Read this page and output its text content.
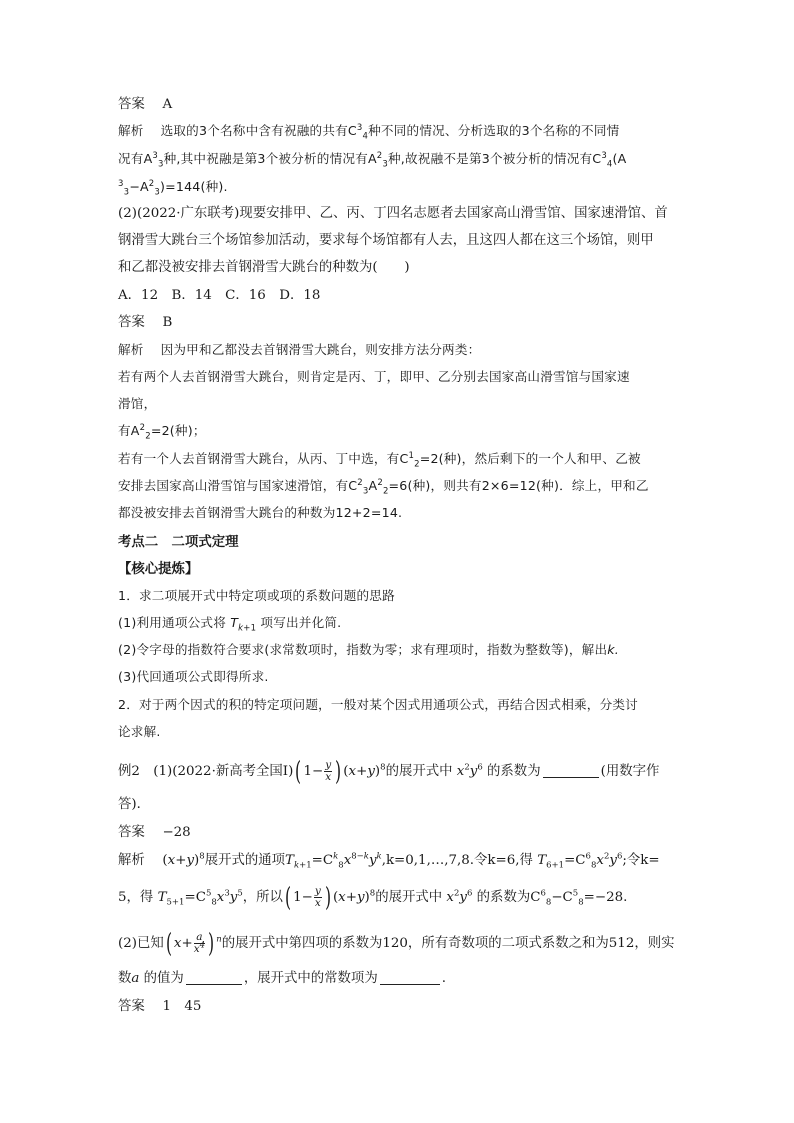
答案　 A
解析　 选取的3个名称中含有祝融的共有$C^3_4$种不同的情况、分析选取的3个名称的不同情
况有$A^3_3$种,其中祝融是第3个被分析的情况有$A^2_3$种,故祝融不是第3个被分析的情况有$C^3_4(A$
$^3_3-A^2_3)=144$(种).
(2)(2022·广东联考)现要安排甲、乙、丙、丁四名志愿者去国家高山滑雪馆、国家速滑馆、首
钢滑雪大跳台三个场馆参加活动，要求每个场馆都有人去，且这四人都在这三个场馆，则甲
和乙都没被安排去首钢滑雪大跳台的种数为(　　)
A．12　B．14　C．16　D．18
答案　 B
解析　 因为甲和乙都没去首钢滑雪大跳台，则安排方法分两类：
若有两个人去首钢滑雪大跳台，则肯定是丙、丁，即甲、乙分别去国家高山滑雪馆与国家速
滑馆，
有$A^2_2=2$(种)；
若有一个人去首钢滑雪大跳台，从丙、丁中选，有$C^1_2=2$(种)，然后剩下的一个人和甲、乙被
安排去国家高山滑雪馆与国家速滑馆，有$C^2_3A^2_2=6$(种)，则共有2×6=12(种)．综上，甲和乙
都没被安排去首钢滑雪大跳台的种数为12+2=14.
考点二　二项式定理
【核心提炼】
1．求二项展开式中特定项或项的系数问题的思路
(1)利用通项公式将 $T_{k+1}$ 项写出并化简.
(2)令字母的指数符合要求(求常数项时，指数为零；求有理项时，指数为整数等)，解出k.
(3)代回通项公式即得所求.
2．对于两个因式的积的特定项问题，一般对某个因式用通项公式，再结合因式相乘，分类讨
论求解.
例2　(1)(2022·新高考全国Ⅰ)( $1- \frac{y}{x}$ ) $(x+y)^8$的展开式中 $x^2y^6$ 的系数为	(用数字作
答)．
答案　 −28
解析　 $(x+y)^8$展开式的通项$T_{k+1}=C^k_8x^{8-k}y^k,k=0,1,\dots,7,8$.令k=6,得 $T_{6+1}=C^6_8x^2y^6$;令k=
5，得 $T_{5+1}=C^5_8x^3y^5$，所以( $1- \frac{y}{x}$ ) $(x+y)^8$的展开式中 $x^2y^6$ 的系数为$C^6_8-C^5_8=-28$.
(2)已知( $x+ \frac{a}{x^4}$ ) $^n$的展开式中第四项的系数为120，所有奇数项的二项式系数之和为512，则实
数a 的值为	，展开式中的常数项为	.
答案　 1　45
